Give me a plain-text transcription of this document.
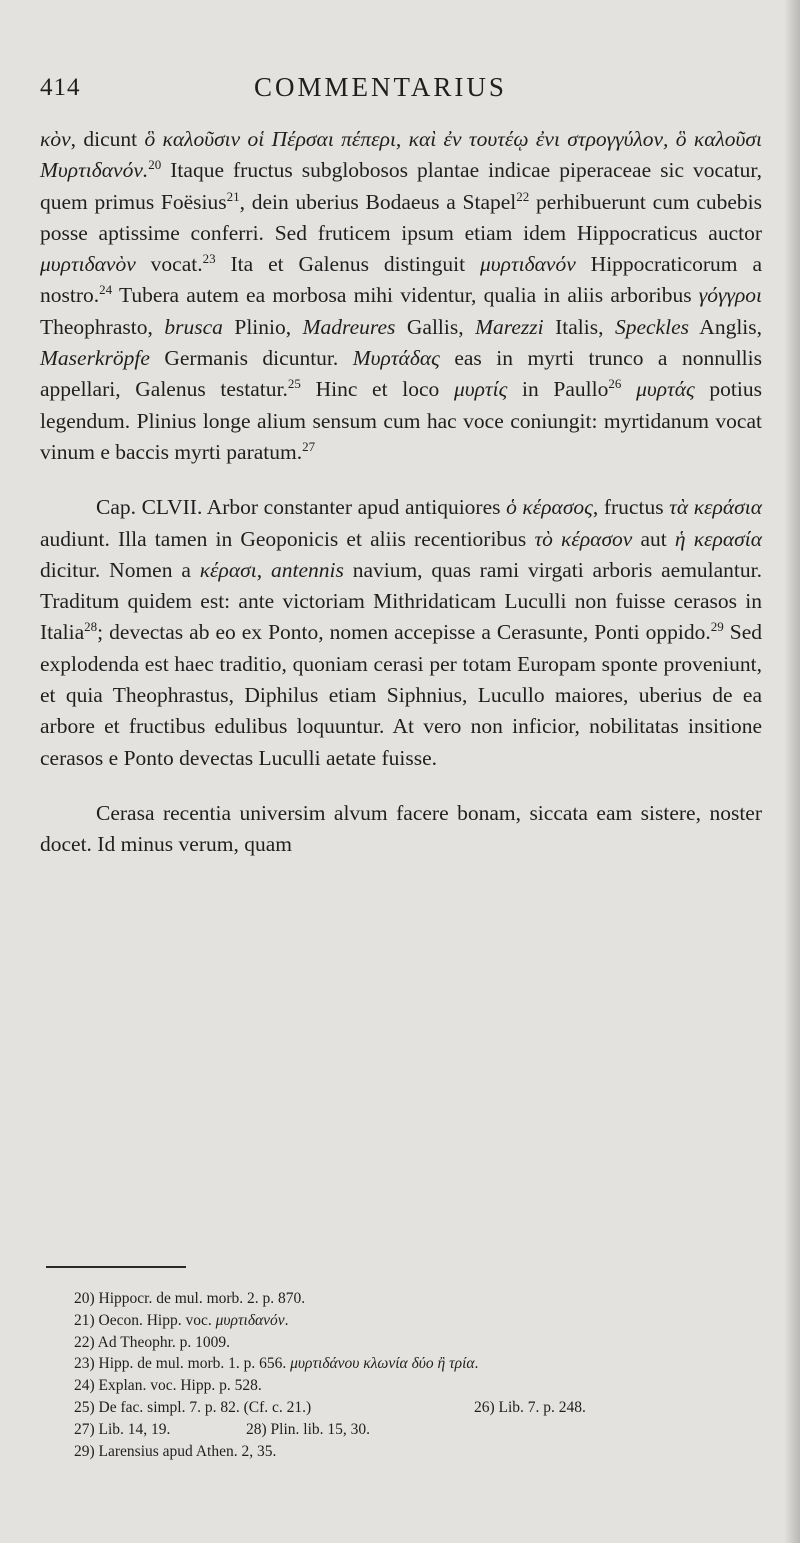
414	COMMENTARIUS

κὸν, dicunt ὃ καλοῦσιν οἱ Πέρσαι πέπερι, καὶ ἐν τουτέῳ ἐνι στρογγύλον, ὃ καλοῦσι Μυρτιδανόν.$^{20}$ Itaque fructus subglobosos plantae indicae piperaceae sic vocatur, quem primus Foësius$^{21}$, dein uberius Bodaeus a Stapel$^{22}$ perhibuerunt cum cubebis posse aptissime conferri. Sed fruticem ipsum etiam idem Hippocraticus auctor μυρτιδανὸν vocat.$^{23}$ Ita et Galenus distinguit μυρτιδανόν Hippocraticorum a nostro.$^{24}$ Tubera autem ea morbosa mihi videntur, qualia in aliis arboribus γόγγροι Theophrasto, brusca Plinio, Madreures Gallis, Marezzi Italis, Speckles Anglis, Maserkröpfe Germanis dicuntur. Μυρτάδας eas in myrti trunco a nonnullis appellari, Galenus testatur.$^{25}$ Hinc et loco μυρτίς in Paullo$^{26}$ μυρτάς potius legendum. Plinius longe alium sensum cum hac voce coniungit: myrtidanum vocat vinum e baccis myrti paratum.$^{27}$

Cap. CLVII. Arbor constanter apud antiquiores ὁ κέρασος, fructus τὰ κεράσια audiunt. Illa tamen in Geoponicis et aliis recentioribus τὸ κέρασον aut ἡ κερασία dicitur. Nomen a κέρασι, antennis navium, quas rami virgati arboris aemulantur. Traditum quidem est: ante victoriam Mithridaticam Luculli non fuisse cerasos in Italia$^{28}$; devectas ab eo ex Ponto, nomen accepisse a Cerasunte, Ponti oppido.$^{29}$ Sed explodenda est haec traditio, quoniam cerasi per totam Europam sponte proveniunt, et quia Theophrastus, Diphilus etiam Siphnius, Lucullo maiores, uberius de ea arbore et fructibus edulibus loquuntur. At vero non inficior, nobilitatas insitione cerasos e Ponto devectas Luculli aetate fuisse.

Cerasa recentia universim alvum facere bonam, siccata eam sistere, noster docet. Id minus verum, quam

20) Hippocr. de mul. morb. 2. p. 870.

21) Oecon. Hipp. voc. μυρτιδανόν.

22) Ad Theophr. p. 1009.

23) Hipp. de mul. morb. 1. p. 656. μυρτιδάνου κλωνία δύο ἢ τρία.

24) Explan. voc. Hipp. p. 528.

25) De fac. simpl. 7. p. 82. (Cf. c. 21.)	26) Lib. 7. p. 248.

27) Lib. 14, 19.	28) Plin. lib. 15, 30.

29) Larensius apud Athen. 2, 35.
